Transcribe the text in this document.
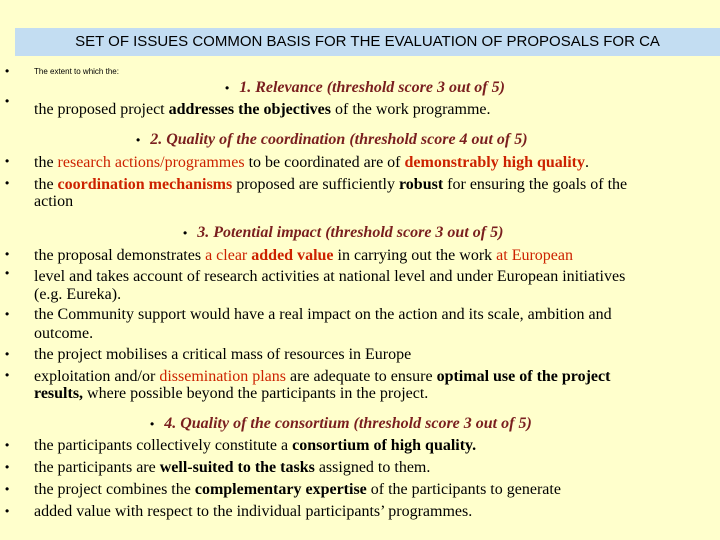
SET OF ISSUES COMMON BASIS FOR THE EVALUATION OF PROPOSALS FOR CA
•	The extent to which the:
• 1. Relevance (threshold score 3 out of 5)
• the proposed project addresses the objectives of the work programme.
• 2. Quality of the coordination (threshold score 4 out of 5)
• the research actions/programmes to be coordinated are of demonstrably high quality.
• the coordination mechanisms proposed are sufficiently robust for ensuring the goals of the
action
• 3. Potential impact (threshold score 3 out of 5)
• the proposal demonstrates a clear added value in carrying out the work at European
• level and takes account of research activities at national level and under European initiatives
(e.g. Eureka).
• the Community support would have a real impact on the action and its scale, ambition and
outcome.
• the project mobilises a critical mass of resources in Europe
• exploitation and/or dissemination plans are adequate to ensure optimal use of the project
results, where possible beyond the participants in the project.
• 4. Quality of the consortium (threshold score 3 out of 5)
• the participants collectively constitute a consortium of high quality.
• the participants are well-suited to the tasks assigned to them.
• the project combines the complementary expertise of the participants to generate
• added value with respect to the individual participants’ programmes.
